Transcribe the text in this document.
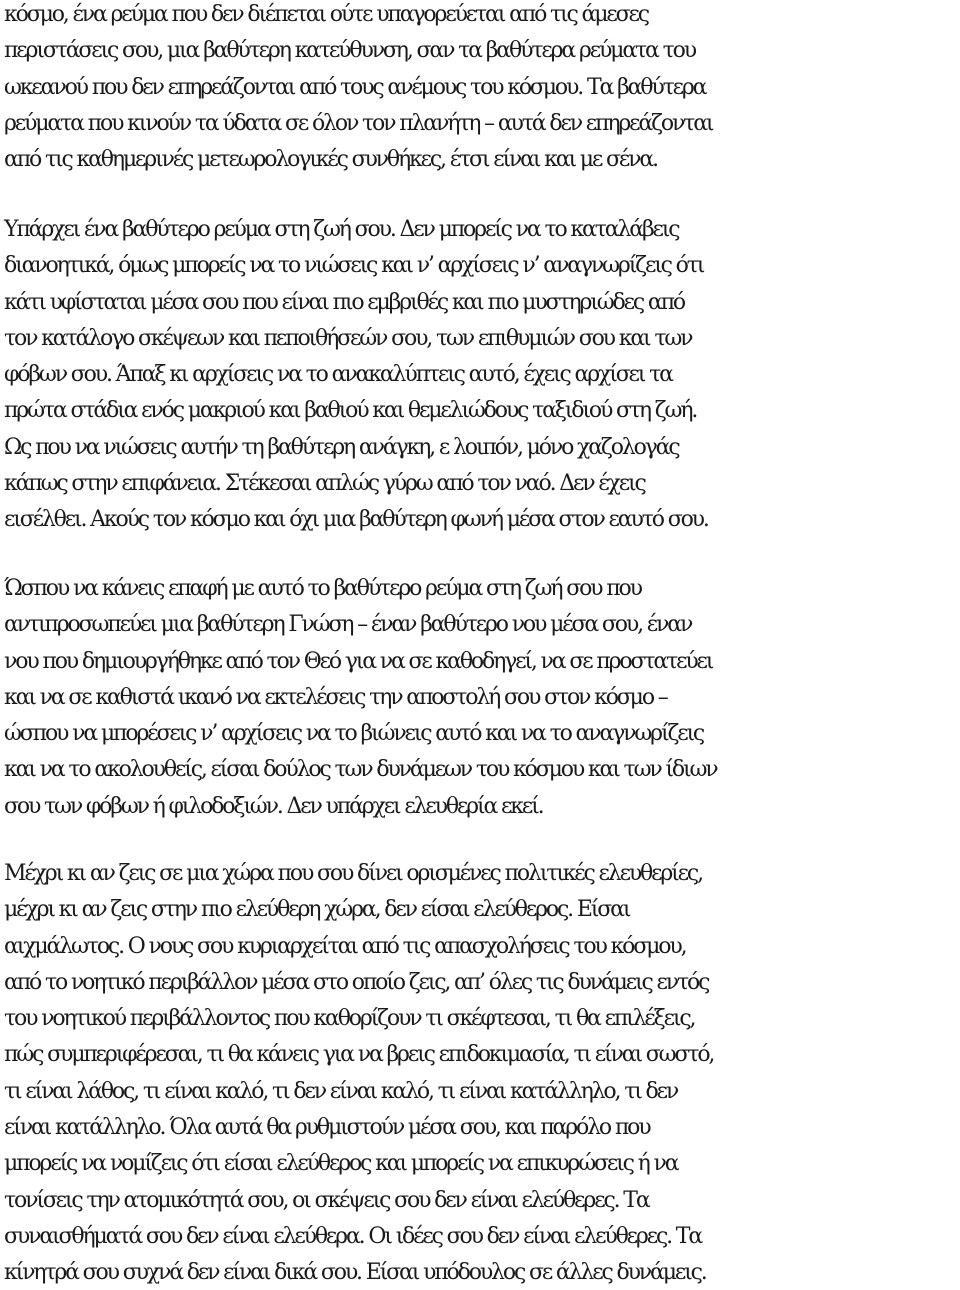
κόσμο, ένα ρεύμα που δεν διέπεται ούτε υπαγορεύεται από τις άμεσες
περιστάσεις σου, μια βαθύτερη κατεύθυνση, σαν τα βαθύτερα ρεύματα του
ωκεανού που δεν επηρεάζονται από τους ανέμους του κόσμου. Τα βαθύτερα
ρεύματα που κινούν τα ύδατα σε όλον τον πλανήτη – αυτά δεν επηρεάζονται
από τις καθημερινές μετεωρολογικές συνθήκες, έτσι είναι και με σένα.

Υπάρχει ένα βαθύτερο ρεύμα στη ζωή σου. Δεν μπορείς να το καταλάβεις
διανοητικά, όμως μπορείς να το νιώσεις και ν’ αρχίσεις ν’ αναγνωρίζεις ότι
κάτι υφίσταται μέσα σου που είναι πιο εμβριθές και πιο μυστηριώδες από
τον κατάλογο σκέψεων και πεποιθήσεών σου, των επιθυμιών σου και των
φόβων σου. Άπαξ κι αρχίσεις να το ανακαλύπτεις αυτό, έχεις αρχίσει τα
πρώτα στάδια ενός μακριού και βαθιού και θεμελιώδους ταξιδιού στη ζωή.
Ως που να νιώσεις αυτήν τη βαθύτερη ανάγκη, ε λοιπόν, μόνο χαζολογάς
κάπως στην επιφάνεια. Στέκεσαι απλώς γύρω από τον ναό. Δεν έχεις
εισέλθει. Ακούς τον κόσμο και όχι μια βαθύτερη φωνή μέσα στον εαυτό σου.

Ώσπου να κάνεις επαφή με αυτό το βαθύτερο ρεύμα στη ζωή σου που
αντιπροσωπεύει μια βαθύτερη Γνώση – έναν βαθύτερο νου μέσα σου, έναν
νου που δημιουργήθηκε από τον Θεό για να σε καθοδηγεί, να σε προστατεύει
και να σε καθιστά ικανό να εκτελέσεις την αποστολή σου στον κόσμο –
ώσπου να μπορέσεις ν’ αρχίσεις να το βιώνεις αυτό και να το αναγνωρίζεις
και να το ακολουθείς, είσαι δούλος των δυνάμεων του κόσμου και των ίδιων
σου των φόβων ή φιλοδοξιών. Δεν υπάρχει ελευθερία εκεί.

Μέχρι κι αν ζεις σε μια χώρα που σου δίνει ορισμένες πολιτικές ελευθερίες,
μέχρι κι αν ζεις στην πιο ελεύθερη χώρα, δεν είσαι ελεύθερος. Είσαι
αιχμάλωτος. Ο νους σου κυριαρχείται από τις απασχολήσεις του κόσμου,
από το νοητικό περιβάλλον μέσα στο οποίο ζεις, απ’ όλες τις δυνάμεις εντός
του νοητικού περιβάλλοντος που καθορίζουν τι σκέφτεσαι, τι θα επιλέξεις,
πώς συμπεριφέρεσαι, τι θα κάνεις για να βρεις επιδοκιμασία, τι είναι σωστό,
τι είναι λάθος, τι είναι καλό, τι δεν είναι καλό, τι είναι κατάλληλο, τι δεν
είναι κατάλληλο. Όλα αυτά θα ρυθμιστούν μέσα σου, και παρόλο που
μπορείς να νομίζεις ότι είσαι ελεύθερος και μπορείς να επικυρώσεις ή να
τονίσεις την ατομικότητά σου, οι σκέψεις σου δεν είναι ελεύθερες. Τα
συναισθήματά σου δεν είναι ελεύθερα. Οι ιδέες σου δεν είναι ελεύθερες. Τα
κίνητρά σου συχνά δεν είναι δικά σου. Είσαι υπόδουλος σε άλλες δυνάμεις.
